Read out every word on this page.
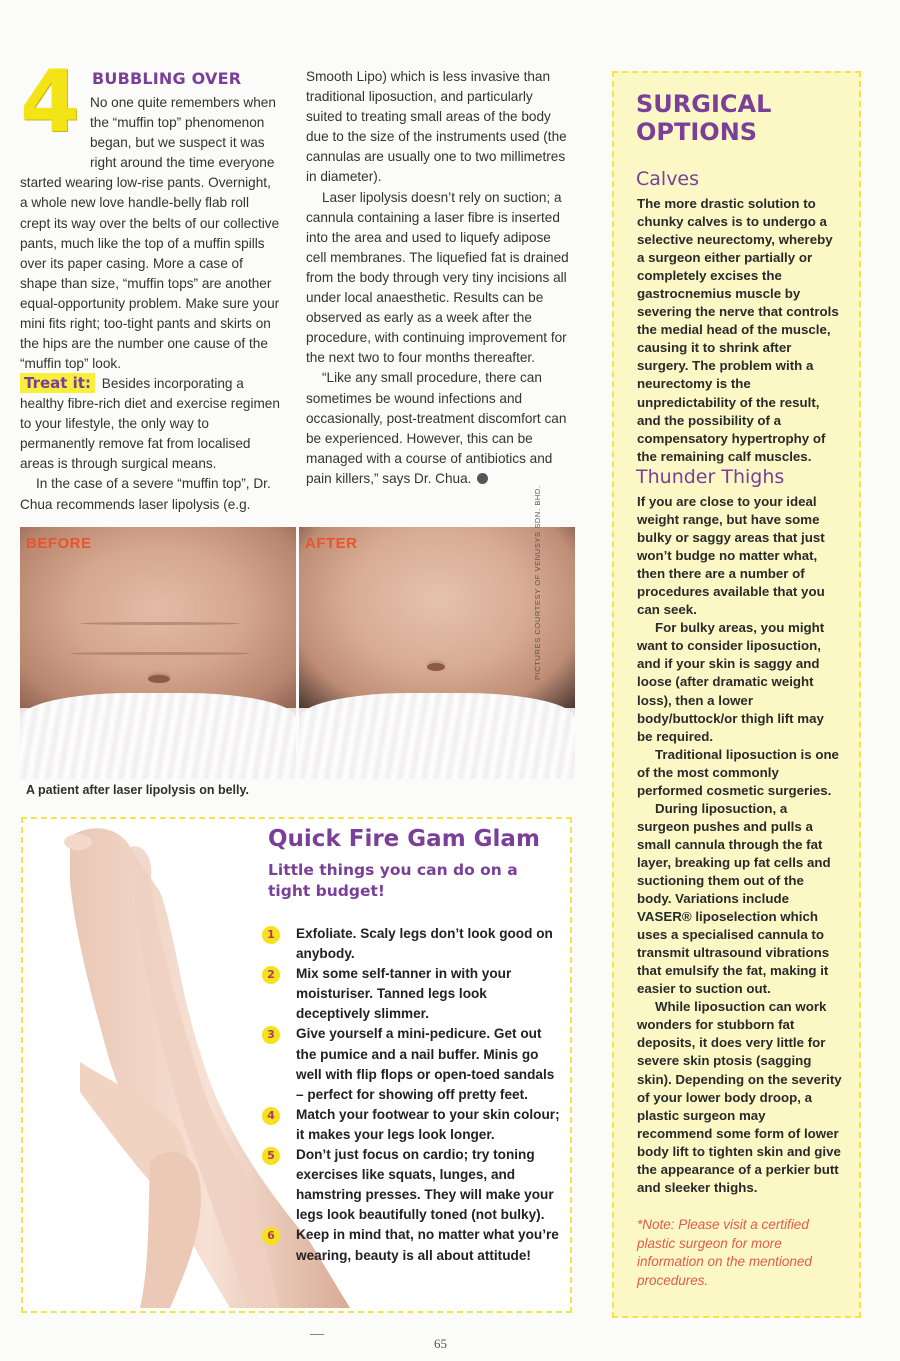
4 BUBBLING OVER
No one quite remembers when the “muffin top” phenomenon began, but we suspect it was right around the time everyone started wearing low-rise pants. Overnight, a whole new love handle-belly flab roll crept its way over the belts of our collective pants, much like the top of a muffin spills over its paper casing. More a case of shape than size, “muffin tops” are another equal-opportunity problem. Make sure your mini fits right; too-tight pants and skirts on the hips are the number one cause of the “muffin top” look.
Treat it: Besides incorporating a healthy fibre-rich diet and exercise regimen to your lifestyle, the only way to permanently remove fat from localised areas is through surgical means.
In the case of a severe “muffin top”, Dr. Chua recommends laser lipolysis (e.g.
Smooth Lipo) which is less invasive than traditional liposuction, and particularly suited to treating small areas of the body due to the size of the instruments used (the cannulas are usually one to two millimetres in diameter).
Laser lipolysis doesn’t rely on suction; a cannula containing a laser fibre is inserted into the area and used to liquefy adipose cell membranes. The liquefied fat is drained from the body through very tiny incisions all under local anaesthetic. Results can be observed as early as a week after the procedure, with continuing improvement for the next two to four months thereafter.
“Like any small procedure, there can sometimes be wound infections and occasionally, post-treatment discomfort can be experienced. However, this can be managed with a course of antibiotics and pain killers,” says Dr. Chua.
BEFORE	AFTER	PICTURES COURTESY OF VENUSYS SDN. BHD.
A patient after laser lipolysis on belly.
Quick Fire Gam Glam
Little things you can do on a tight budget!
1	Exfoliate. Scaly legs don’t look good on anybody.
2	Mix some self-tanner in with your moisturiser. Tanned legs look deceptively slimmer.
3	Give yourself a mini-pedicure. Get out the pumice and a nail buffer. Minis go well with flip flops or open-toed sandals – perfect for showing off pretty feet.
4	Match your footwear to your skin colour; it makes your legs look longer.
5	Don’t just focus on cardio; try toning exercises like squats, lunges, and hamstring presses. They will make your legs look beautifully toned (not bulky).
6	Keep in mind that, no matter what you’re wearing, beauty is all about attitude!
SURGICAL OPTIONS
Calves
The more drastic solution to chunky calves is to undergo a selective neurectomy, whereby a surgeon either partially or completely excises the gastrocnemius muscle by severing the nerve that controls the medial head of the muscle, causing it to shrink after surgery. The problem with a neurectomy is the unpredictability of the result, and the possibility of a compensatory hypertrophy of the remaining calf muscles.
Thunder Thighs
If you are close to your ideal weight range, but have some bulky or saggy areas that just won’t budge no matter what, then there are a number of procedures available that you can seek.
For bulky areas, you might want to consider liposuction, and if your skin is saggy and loose (after dramatic weight loss), then a lower body/buttock/or thigh lift may be required.
Traditional liposuction is one of the most commonly performed cosmetic surgeries.
During liposuction, a surgeon pushes and pulls a small cannula through the fat layer, breaking up fat cells and suctioning them out of the body. Variations include VASER® liposelection which uses a specialised cannula to transmit ultrasound vibrations that emulsify the fat, making it easier to suction out.
While liposuction can work wonders for stubborn fat deposits, it does very little for severe skin ptosis (sagging skin). Depending on the severity of your lower body droop, a plastic surgeon may recommend some form of lower body lift to tighten skin and give the appearance of a perkier butt and sleeker thighs.
*Note: Please visit a certified plastic surgeon for more information on the mentioned procedures.
65
